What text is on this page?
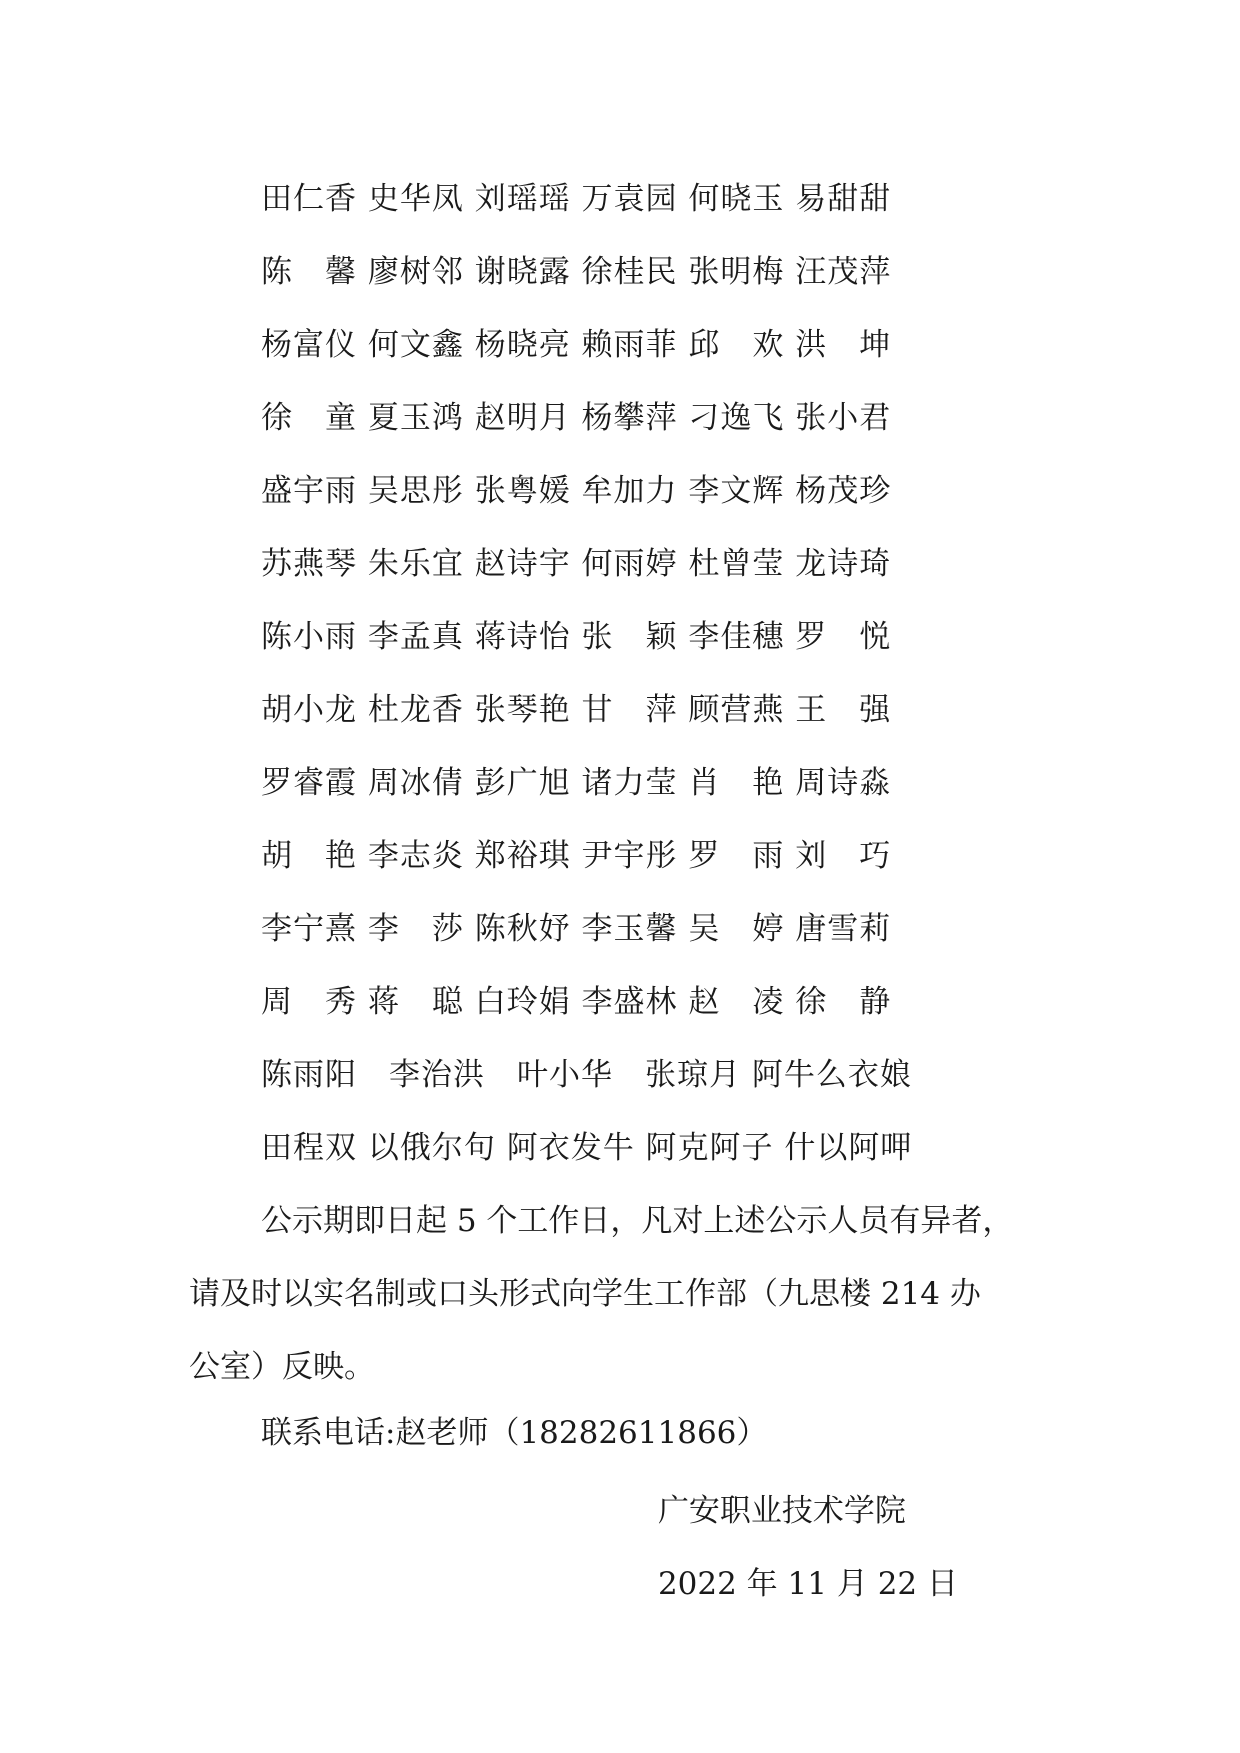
田仁香 史华凤 刘瑶瑶 万袁园 何晓玉 易甜甜
陈　馨 廖树邻 谢晓露 徐桂民 张明梅 汪茂萍
杨富仪 何文鑫 杨晓亮 赖雨菲 邱　欢 洪　坤
徐　童 夏玉鸿 赵明月 杨攀萍 刁逸飞 张小君
盛宇雨 吴思彤 张粤媛 牟加力 李文辉 杨茂珍
苏燕琴 朱乐宜 赵诗宇 何雨婷 杜曾莹 龙诗琦
陈小雨 李孟真 蒋诗怡 张　颖 李佳穗 罗　悦
胡小龙 杜龙香 张琴艳 甘　萍 顾营燕 王　强
罗睿霞 周冰倩 彭广旭 诸力莹 肖　艳 周诗淼
胡　艳 李志炎 郑裕琪 尹宇彤 罗　雨 刘　巧
李宁熹 李　莎 陈秋妤 李玉馨 吴　婷 唐雪莉
周　秀 蒋　聪 白玲娟 李盛林 赵　凌 徐　静
陈雨阳　李治洪　叶小华　张琼月 阿牛么衣娘
田程双 以俄尔句 阿衣发牛 阿克阿子 什以阿呷
公示期即日起 5 个工作日，凡对上述公示人员有异者，
请及时以实名制或口头形式向学生工作部（九思楼 214 办
公室）反映。
联系电话:赵老师（18282611866）
广安职业技术学院
2022 年 11 月 22 日
